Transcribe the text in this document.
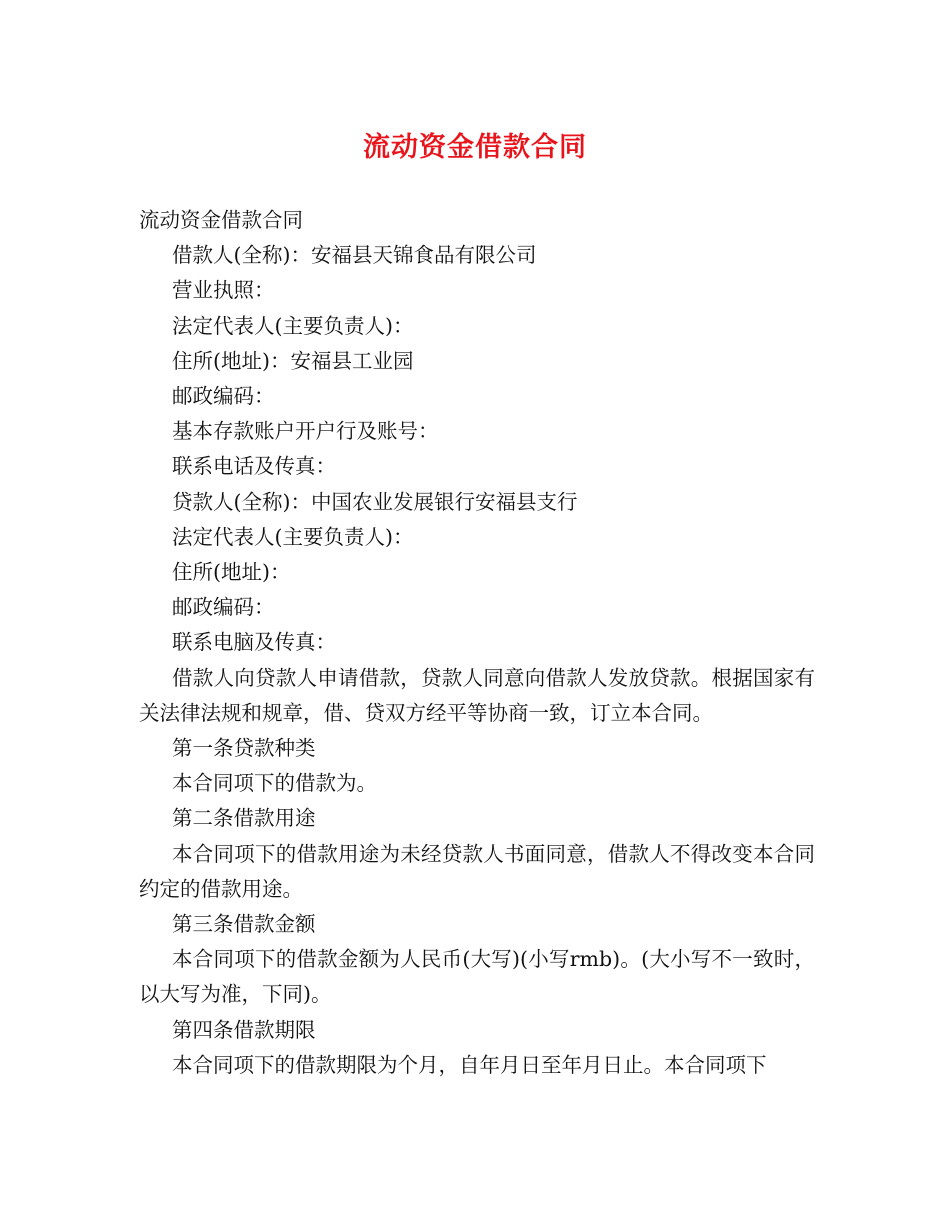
流动资金借款合同
流动资金借款合同
借款人(全称)：安福县天锦食品有限公司
营业执照：
法定代表人(主要负责人)：
住所(地址)：安福县工业园
邮政编码：
基本存款账户开户行及账号：
联系电话及传真：
贷款人(全称)：中国农业发展银行安福县支行
法定代表人(主要负责人)：
住所(地址)：
邮政编码：
联系电脑及传真：
借款人向贷款人申请借款，贷款人同意向借款人发放贷款。根据国家有关法律法规和规章，借、贷双方经平等协商一致，订立本合同。
第一条贷款种类
本合同项下的借款为。
第二条借款用途
本合同项下的借款用途为未经贷款人书面同意，借款人不得改变本合同约定的借款用途。
第三条借款金额
本合同项下的借款金额为人民币(大写)(小写rmb)。(大小写不一致时，以大写为准，下同)。
第四条借款期限
本合同项下的借款期限为个月，自年月日至年月日止。本合同项下
